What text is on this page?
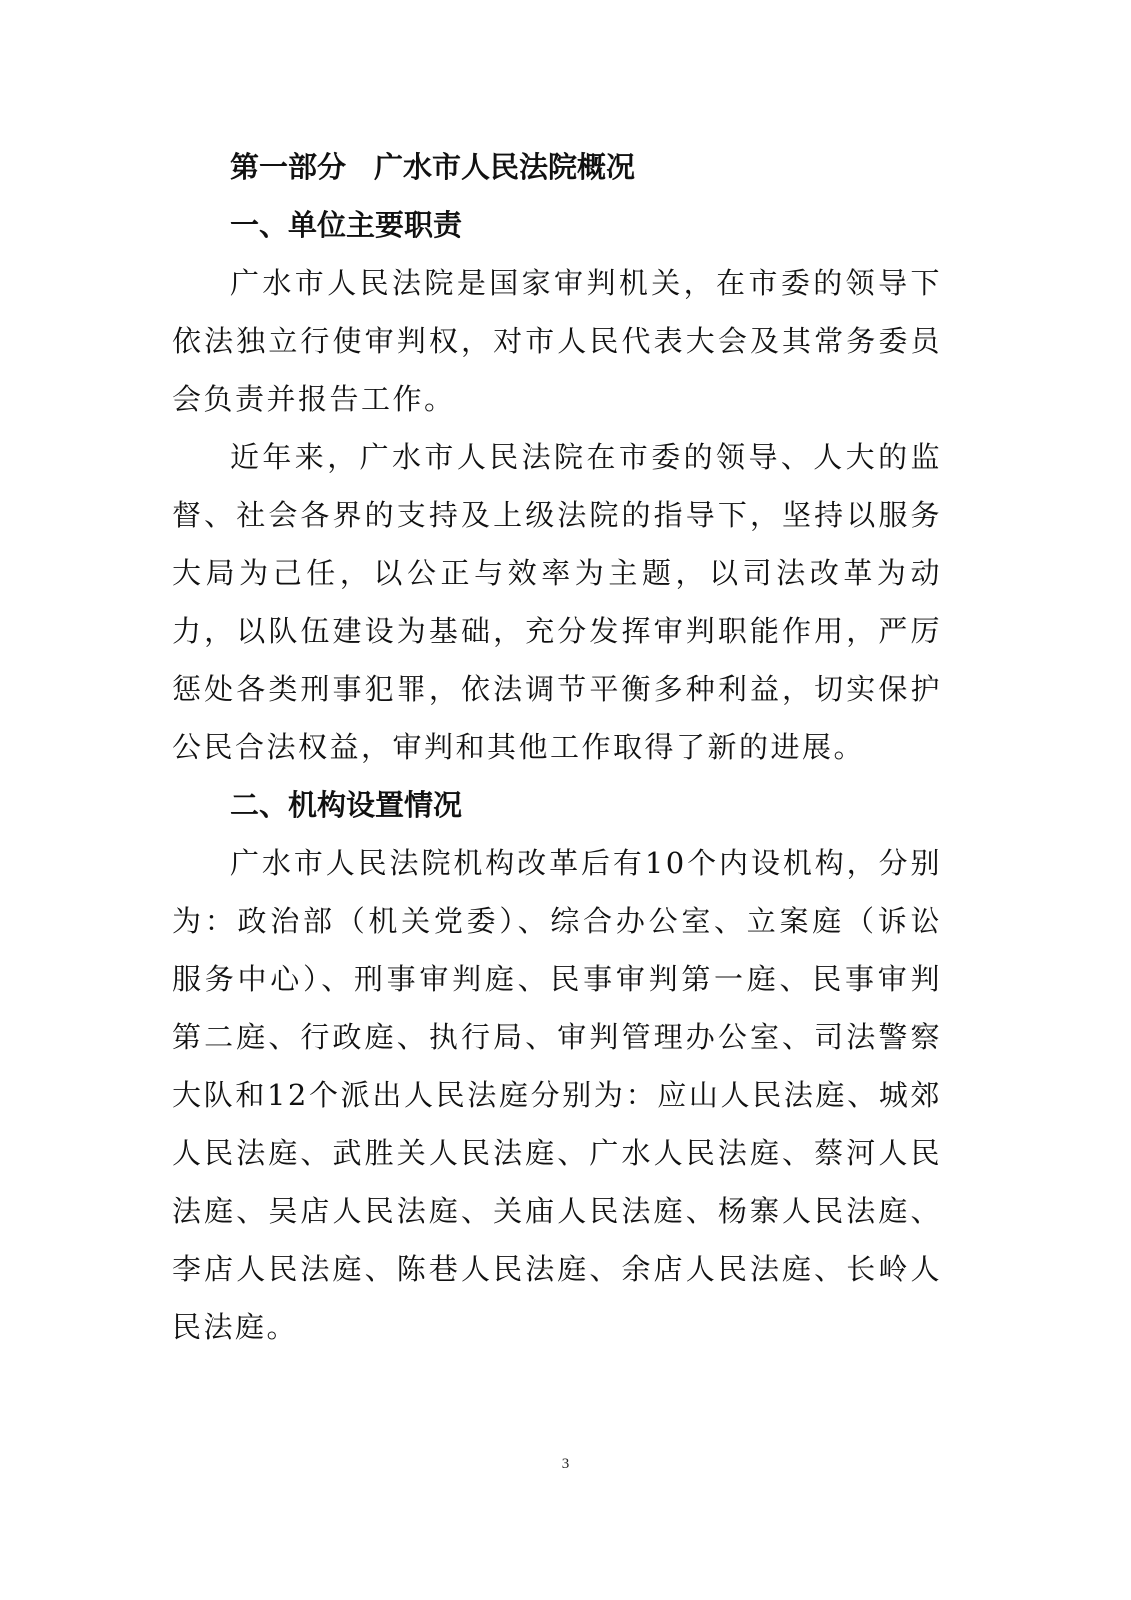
第一部分 广水市人民法院概况

一、单位主要职责

广水市人民法院是国家审判机关，在市委的领导下依法独立行使审判权，对市人民代表大会及其常务委员会负责并报告工作。

近年来，广水市人民法院在市委的领导、人大的监督、社会各界的支持及上级法院的指导下，坚持以服务大局为己任，以公正与效率为主题，以司法改革为动力，以队伍建设为基础，充分发挥审判职能作用，严厉惩处各类刑事犯罪，依法调节平衡多种利益，切实保护公民合法权益，审判和其他工作取得了新的进展。

二、机构设置情况

广水市人民法院机构改革后有10个内设机构，分别为：政治部（机关党委）、综合办公室、立案庭（诉讼服务中心）、刑事审判庭、民事审判第一庭、民事审判第二庭、行政庭、执行局、审判管理办公室、司法警察大队和12个派出人民法庭分别为：应山人民法庭、城郊人民法庭、武胜关人民法庭、广水人民法庭、蔡河人民法庭、吴店人民法庭、关庙人民法庭、杨寨人民法庭、李店人民法庭、陈巷人民法庭、余店人民法庭、长岭人民法庭。

3
